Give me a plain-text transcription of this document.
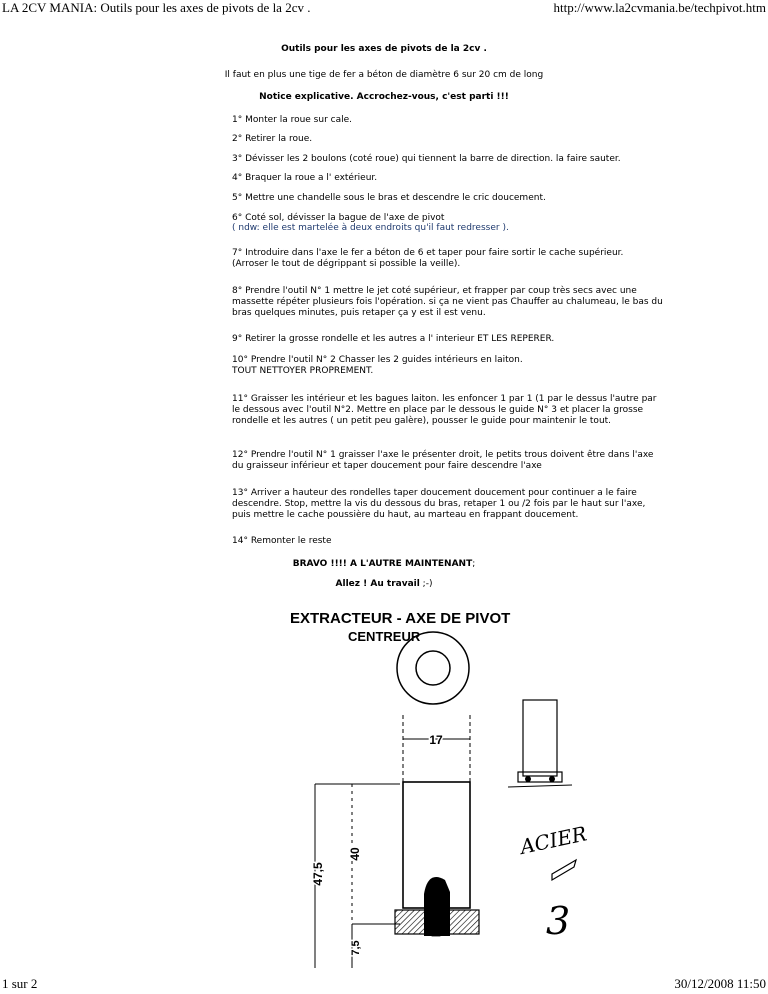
LA 2CV MANIA: Outils pour les axes de pivots de la 2cv .	http://www.la2cvmania.be/techpivot.htm
Outils pour les axes de pivots de la 2cv .
Il faut en plus une tige de fer a béton de diamètre 6 sur 20 cm de long
Notice explicative. Accrochez-vous, c'est parti !!!
1° Monter la roue sur cale.
2° Retirer la roue.
3° Dévisser les 2 boulons (coté roue) qui tiennent la barre de direction. la faire sauter.
4° Braquer la roue a l' extérieur.
5° Mettre une chandelle sous le bras et descendre le cric doucement.
6° Coté sol, dévisser la bague de l'axe de pivot
( ndw: elle est martelée à deux endroits qu'il faut redresser ).
7° Introduire dans l'axe le fer a béton de 6 et taper pour faire sortir le cache supérieur.
(Arroser le tout de dégrippant si possible la veille).
8° Prendre l'outil N° 1 mettre le jet coté supérieur, et frapper par coup très secs avec une
massette répéter plusieurs fois l'opération. si ça ne vient pas Chauffer au chalumeau, le bas du
bras quelques minutes, puis retaper ça y est il est venu.
9° Retirer la grosse rondelle et les autres a l' interieur ET LES REPERER.
10° Prendre l'outil N° 2 Chasser les 2 guides intérieurs en laiton.
TOUT NETTOYER PROPREMENT.
11° Graisser les intérieur et les bagues laiton. les enfoncer 1 par 1 (1 par le dessus l'autre par
le dessous avec l'outil N°2. Mettre en place par le dessous le guide N° 3 et placer la grosse
rondelle et les autres ( un petit peu galère), pousser le guide pour maintenir le tout.
12° Prendre l'outil N° 1 graisser l'axe le présenter droit, le petits trous doivent être dans l'axe
du graisseur inférieur et taper doucement pour faire descendre l'axe
13° Arriver a hauteur des rondelles taper doucement doucement pour continuer a le faire
descendre. Stop, mettre la vis du dessous du bras, retaper 1 ou /2 fois par le haut sur l'axe,
puis mettre le cache poussière du haut, au marteau en frappant doucement.
14° Remonter le reste
BRAVO !!!! A L'AUTRE MAINTENANT;
Allez ! Au travail ;-)
EXTRACTEUR - AXE DE PIVOT
CENTREUR
17
47,5
40
7,5
ACIER
3
1 sur 2	30/12/2008 11:50
